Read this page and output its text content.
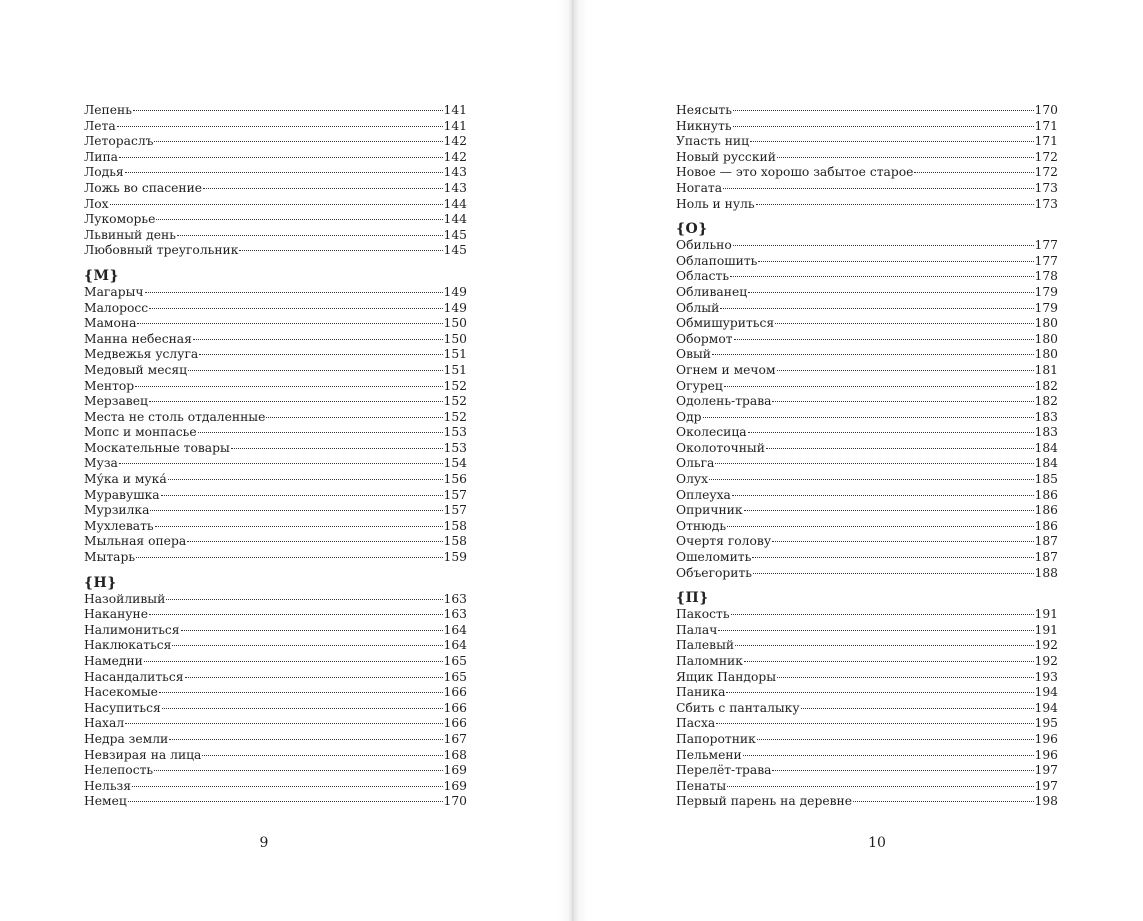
Лепень	141
Лета	141
Летораслъ	142
Липа	142
Лодья	143
Ложь во спасение	143
Лох	144
Лукоморье	144
Львиный день	145
Любовный треугольник	145
{М}
Магарыч	149
Малоросс	149
Мамона	150
Манна небесная	150
Медвежья услуга	151
Медовый месяц	151
Ментор	152
Мерзавец	152
Места не столь отдаленные	152
Мопс и монпасье	153
Москательные товары	153
Муза	154
Му́ка и мука́	156
Муравушка	157
Мурзилка	157
Мухлевать	158
Мыльная опера	158
Мытарь	159
{Н}
Назойливый	163
Накануне	163
Налимониться	164
Наклюкаться	164
Намедни	165
Насандалиться	165
Насекомые	166
Насупиться	166
Нахал	166
Недра земли	167
Невзирая на лица	168
Нелепость	169
Нельзя	169
Немец	170
9
Неясыть	170
Никнуть	171
Упасть ниц	171
Новый русский	172
Новое — это хорошо забытое старое	172
Ногата	173
Ноль и нуль	173
{О}
Обильно	177
Облапошить	177
Область	178
Обливанец	179
Облый	179
Обмишуриться	180
Обормот	180
Овый	180
Огнем и мечом	181
Огурец	182
Одолень-трава	182
Одр	183
Околесица	183
Околоточный	184
Ольга	184
Олух	185
Оплеуха	186
Опричник	186
Отнюдь	186
Очертя голову	187
Ошеломить	187
Объегорить	188
{П}
Пакость	191
Палач	191
Палевый	192
Паломник	192
Ящик Пандоры	193
Паника	194
Сбить с панталыку	194
Пасха	195
Папоротник	196
Пельмени	196
Перелёт-трава	197
Пенаты	197
Первый парень на деревне	198
10
